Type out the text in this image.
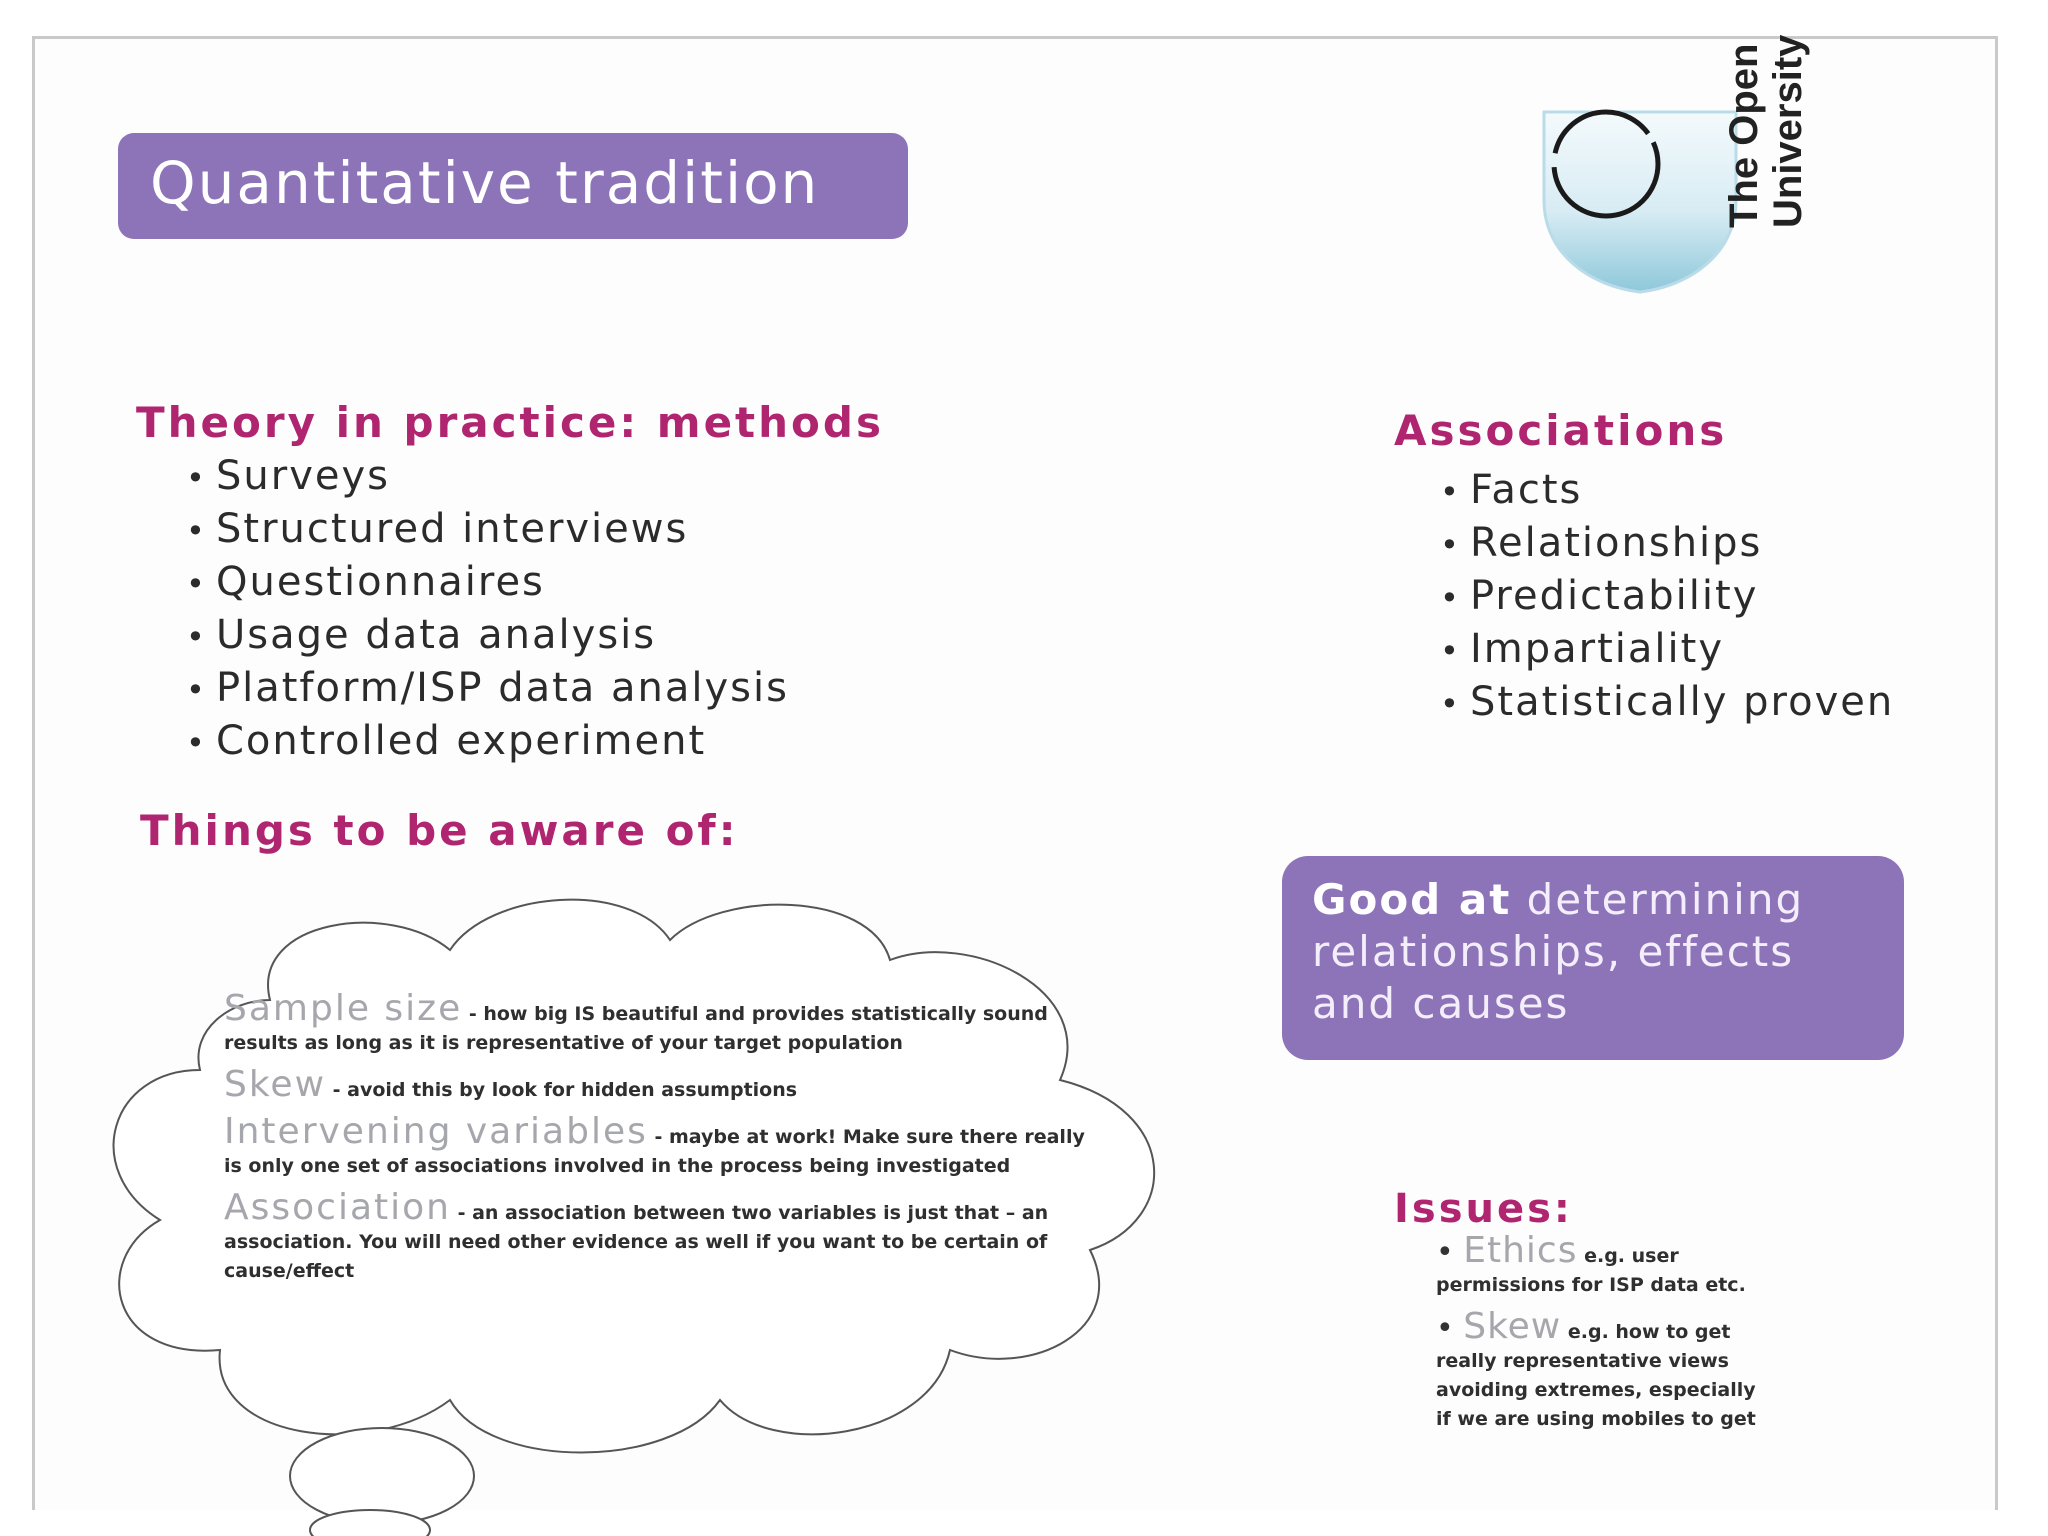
Quantitative tradition	The Open
University
Theory in practice: methods
• Surveys
• Structured interviews
• Questionnaires
• Usage data analysis
• Platform/ISP data analysis
• Controlled experiment
Things to be aware of:
Associations
• Facts
• Relationships
• Predictability
• Impartiality
• Statistically proven
Good at determining relationships, effects and causes
Sample size - how big IS beautiful and provides statistically sound results as long as it is representative of your target population
Skew - avoid this by look for hidden assumptions
Intervening variables - maybe at work! Make sure there really is only one set of associations involved in the process being investigated
Association - an association between two variables is just that – an association. You will need other evidence as well if you want to be certain of cause/effect
Issues:
• Ethics e.g. user permissions for ISP data etc.
• Skew e.g. how to get really representative views avoiding extremes, especially if we are using mobiles to get
